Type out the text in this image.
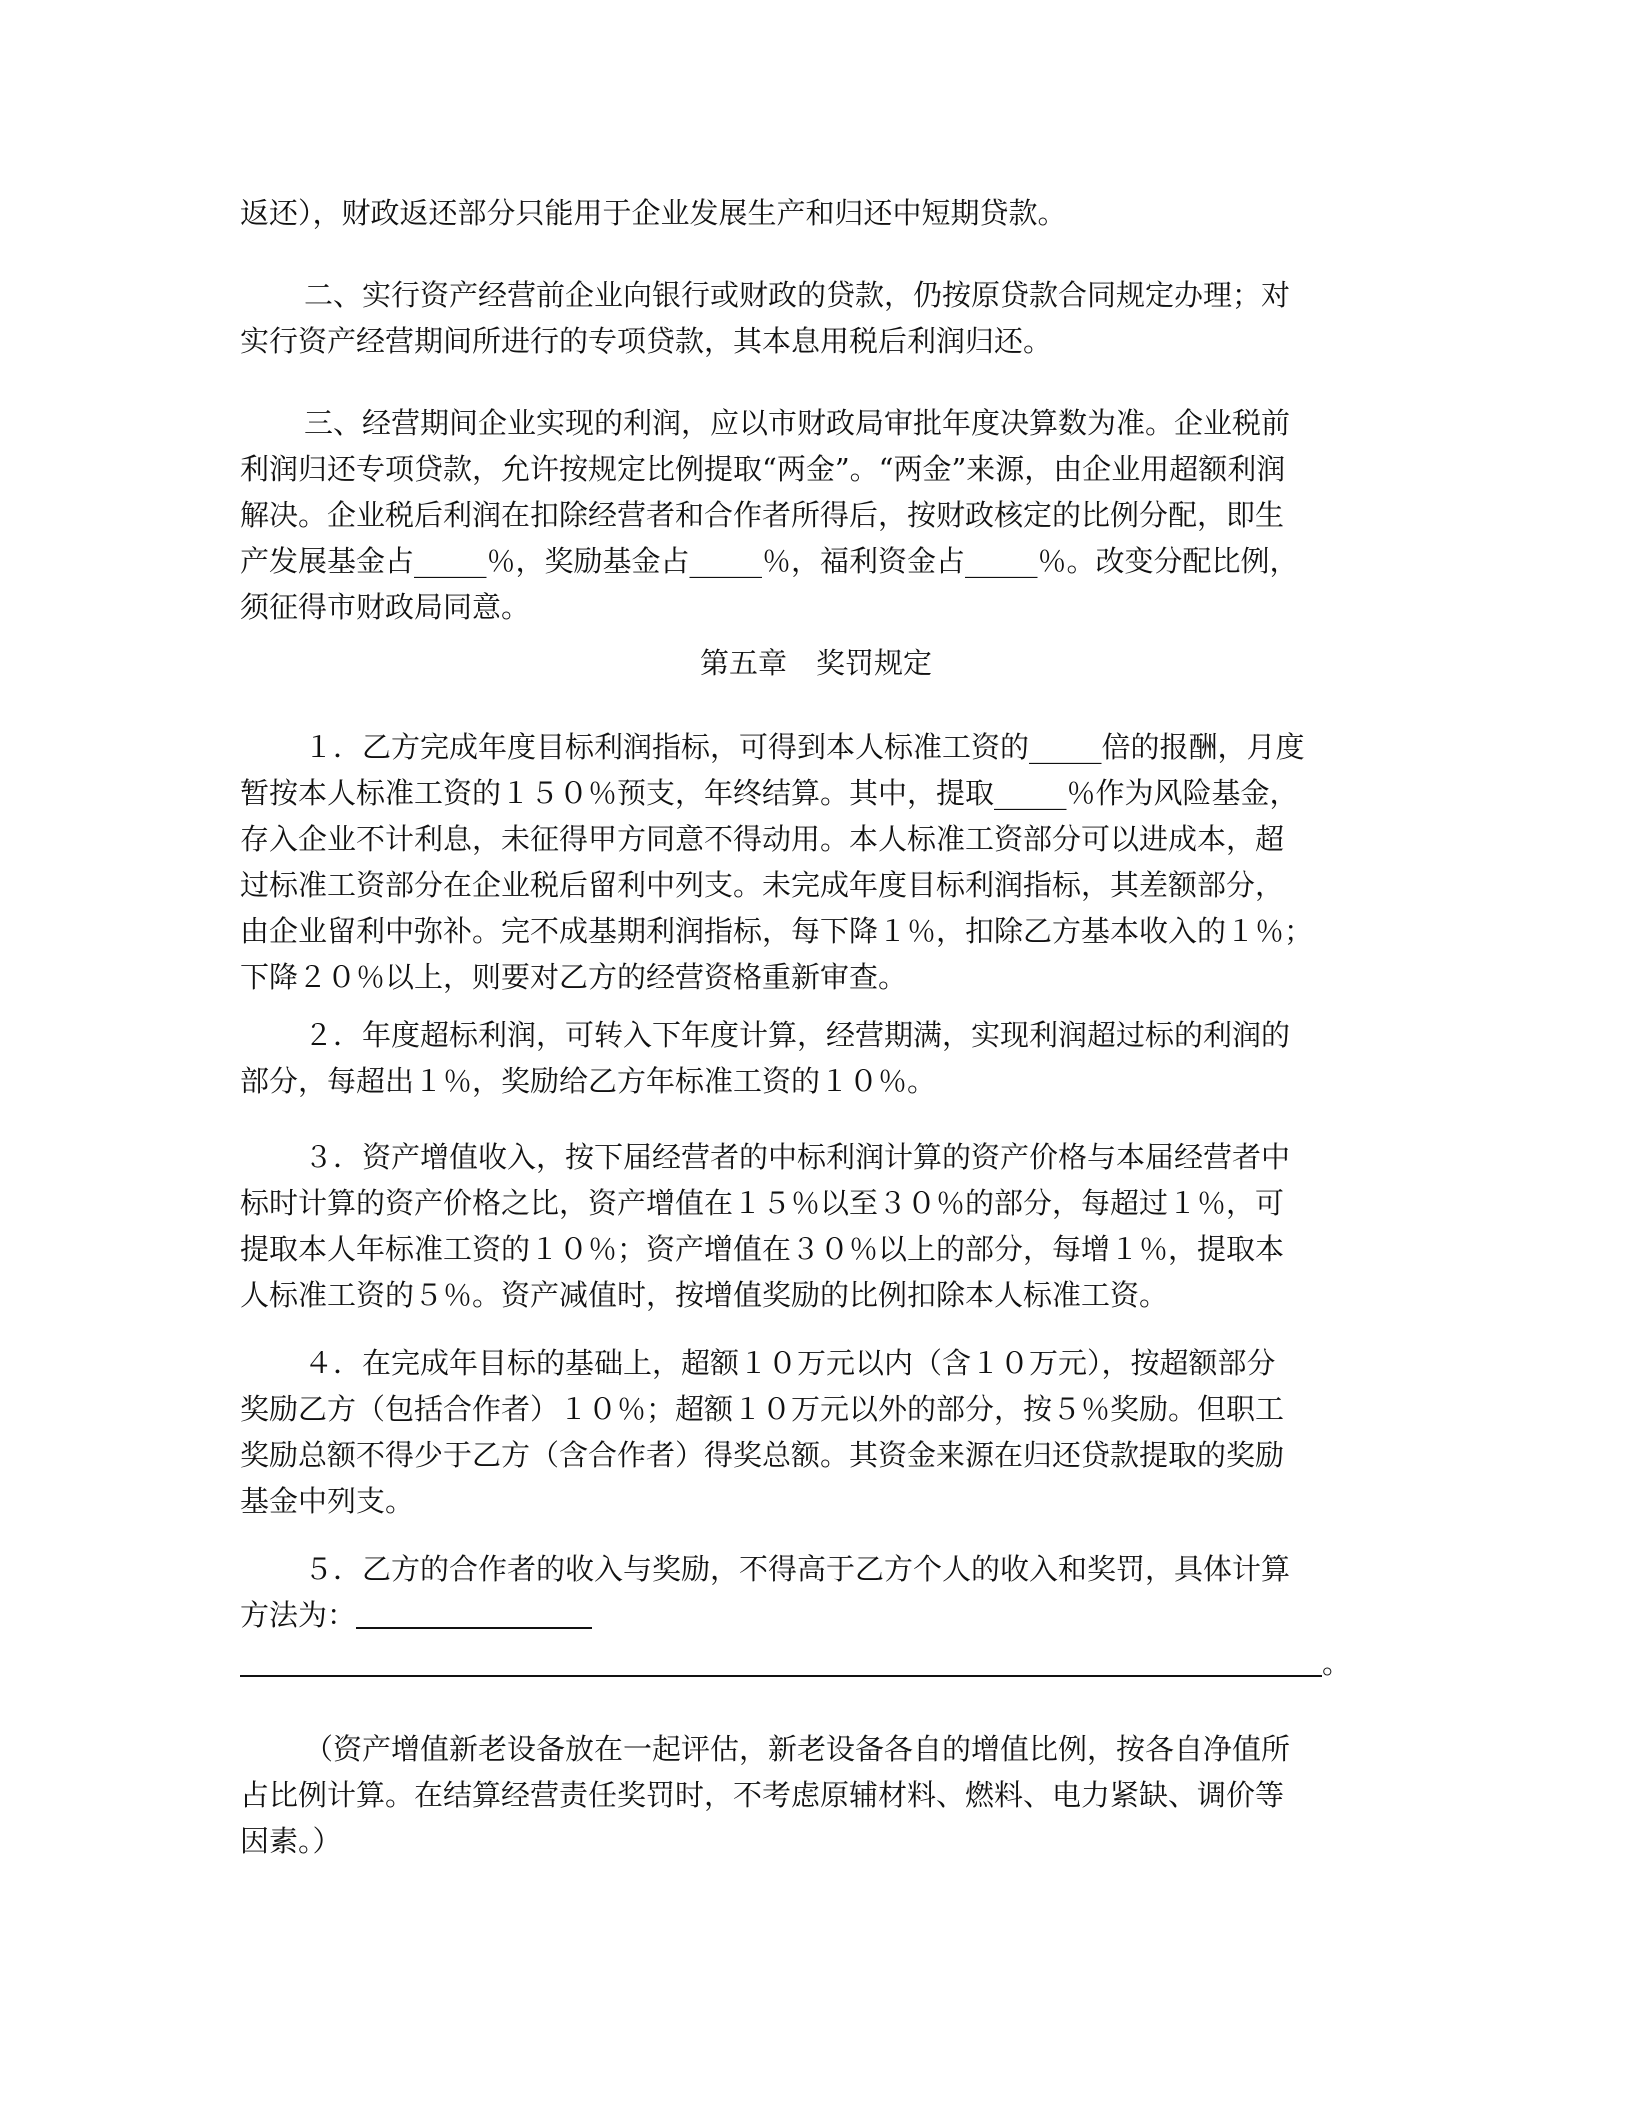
返还），财政返还部分只能用于企业发展生产和归还中短期贷款。
二、实行资产经营前企业向银行或财政的贷款，仍按原贷款合同规定办理；对
实行资产经营期间所进行的专项贷款，其本息用税后利润归还。
三、经营期间企业实现的利润，应以市财政局审批年度决算数为准。企业税前
利润归还专项贷款，允许按规定比例提取“两金”。“两金”来源，由企业用超额利润
解决。企业税后利润在扣除经营者和合作者所得后，按财政核定的比例分配，即生
产发展基金占_____％，奖励基金占_____％，福利资金占_____％。改变分配比例，
须征得市财政局同意。
第五章　奖罚规定
１．乙方完成年度目标利润指标，可得到本人标准工资的_____倍的报酬，月度
暂按本人标准工资的１５０％预支，年终结算。其中，提取_____％作为风险基金，
存入企业不计利息，未征得甲方同意不得动用。本人标准工资部分可以进成本，超
过标准工资部分在企业税后留利中列支。未完成年度目标利润指标，其差额部分，
由企业留利中弥补。完不成基期利润指标，每下降１％，扣除乙方基本收入的１％；
下降２０％以上，则要对乙方的经营资格重新审查。
２．年度超标利润，可转入下年度计算，经营期满，实现利润超过标的利润的
部分，每超出１％，奖励给乙方年标准工资的１０％。
３．资产增值收入，按下届经营者的中标利润计算的资产价格与本届经营者中
标时计算的资产价格之比，资产增值在１５％以至３０％的部分，每超过１％，可
提取本人年标准工资的１０％；资产增值在３０％以上的部分，每增１％，提取本
人标准工资的５％。资产减值时，按增值奖励的比例扣除本人标准工资。
４．在完成年目标的基础上，超额１０万元以内（含１０万元），按超额部分
奖励乙方（包括合作者）１０％；超额１０万元以外的部分，按５％奖励。但职工
奖励总额不得少于乙方（含合作者）得奖总额。其资金来源在归还贷款提取的奖励
基金中列支。
５．乙方的合作者的收入与奖励，不得高于乙方个人的收入和奖罚，具体计算
方法为：
。
（资产增值新老设备放在一起评估，新老设备各自的增值比例，按各自净值所
占比例计算。在结算经营责任奖罚时，不考虑原辅材料、燃料、电力紧缺、调价等
因素。）
